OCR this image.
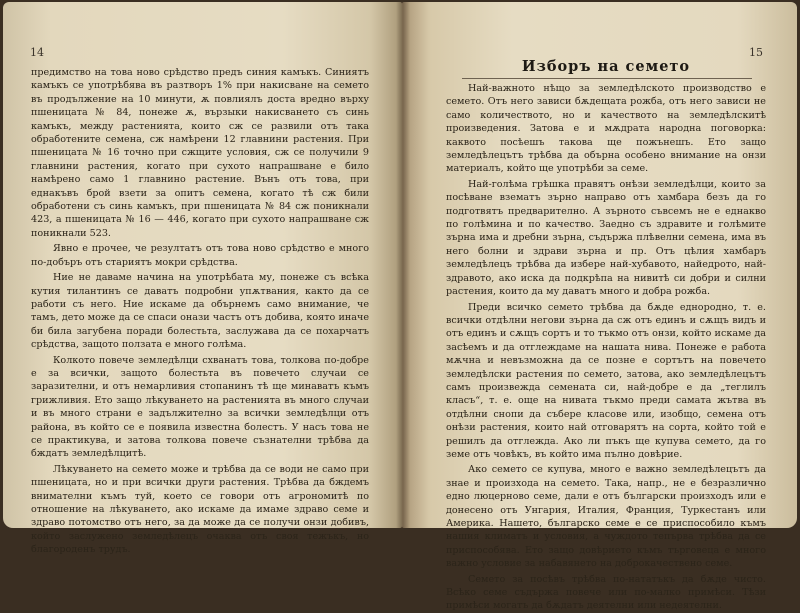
14

предимство на това ново срѣдство предъ синия камъкъ. Синиятъ камъкъ се употрѣбява въ разтворъ 1% при накисване на семето въ продължение на 10 минути, ѫ повлиялъ доста вредно върху пшеницата № 84, понеже ѫ, вързыки накисването съ синь камъкъ, между растенията, които сж се развили отъ така обработените семена, сж намѣрени 12 главнини растения. При пшеницата № 16 точно при сжщите условия, сж се получили 9 главнини растения, когато при сухото напрашване е било намѣрено само 1 главнино растение. Вънъ отъ това, при еднакъвъ брой взети за опитъ семена, когато тѣ сж били обработени съ синь камъкъ, при пшеницата № 84 сж поникнали 423, а пшеницата № 16 — 446, когато при сухото напрашване сж поникнали 523.

Явно е прочее, че резултатъ отъ това ново срѣдство е много по-добъръ отъ стариятъ мокри срѣдства.

Ние не даваме начина на употрѣбата му, понеже съ всѣка кутия тилантинъ се даватъ подробни упѫтвания, както да се работи съ него. Ние искаме да обърнемъ само внимание, че тамъ, дето може да се спаси онази частъ отъ добива, която иначе би била загубена поради болестьта, заслужава да се похарчатъ срѣдства, защото ползата е много голѣма.

Колкото повече земледѣлци схванатъ това, толкова по-добре е за всички, защото болестьта въ повечето случаи се заразителни, и отъ немарливия стопанинъ тѣ ще минаватъ къмъ грижливия. Ето защо лѣкуването на растенията въ много случаи и въ много страни е задължително за всички земледѣлци отъ района, въ който се е появила известна болестъ. У насъ това не се практикува, и затова толкова повече съзнателни трѣбва да бждатъ земледѣлцитѣ.

Лѣкуването на семето може и трѣбва да се води не само при пшеницата, но и при всички други растения. Трѣбва да бждемъ внимателни къмъ туй, което се говори отъ агрономитѣ по отношение на лѣкуването, ако искаме да имаме здраво семе и здраво потомство отъ него, за да може да се получи онзи добивъ, който заслужено земледѣлецъ очаква отъ своя тежъкъ, но благороденъ трудъ.

15
Изборъ на семето

Най-важното нѣщо за земледѣлското производство е семето. Отъ него зависи бѫдещата рожба, отъ него зависи не само количеството, но и качеството на земледѣлскитѣ произведения. Затова е и мѫдрата народна поговорка: каквото посѣешъ такова ще пожънешъ. Ето защо земледѣлецътъ трѣбва да обърна особено внимание на онзи материалъ, който ще употрѣби за семе.

Най-голѣма грѣшка правятъ онѣзи земледѣлци, които за посѣване взематъ зърно направо отъ хамбара безъ да го подготвятъ предварително. А зърното съвсемъ не е еднакво по голѣмина и по качество. Заедно съ здравите и голѣмите зърна има и дребни зърна, съдържа плѣвелни семена, има въ него болни и здрави зърна и пр. Отъ цѣлия хамбаръ земледѣлецъ трѣбва да избере най-хубавото, найедрото, най-здравото, ако иска да подкрѣпа на нивитѣ си добри и силни растения, които да му даватъ много и добра рожба.

Преди всичко семето трѣбва да бѫде еднородно, т. е. всички отдѣлни негови зърна да сж отъ единъ и сѫщъ видъ и отъ единъ и сѫщъ сортъ и то тъкмо отъ онзи, който искаме да засѣемъ и да отглеждаме на нашата нива. Понеже е работа мѫчна и невъзможна да се позне е сортътъ на повечето земледѣлски растения по семето, затова, ако земледѣлецътъ самъ произвежда семената си, най-добре е да „теглилъ класъ“, т. е. още на нивата тъкмо преди самата жътва въ отдѣлни снопи да събере класове или, изобщо, семена отъ онѣзи растения, които най отговарятъ на сорта, който той е решилъ да отглежда. Ако ли пъкъ ще купува семето, да го земе отъ човѣкъ, въ който има пълно довѣрие.

Ако семето се купува, много е важно земледѣлецътъ да знае и произхода на семето. Така, напр., не е безразлично едно люцерново семе, дали е отъ български произходъ или е донесено отъ Унгария, Италия, Франция, Туркестанъ или Америка. Нашето, българско семе е се приспособило къмъ нашия климатъ и условия, а чуждото тепърва трѣбва да се приспособява. Ето защо довѣрието къмъ търговеца е много важно условие за набавянето на доброкачествено семе.

Семето за посѣвъ трѣбва по-нататъкъ да бѫде чисто. Всѣко семе съдържа повече или по-малко примѣси. Тѣзи примѣси могатъ да бѫдатъ деятелни или недеятелни.
